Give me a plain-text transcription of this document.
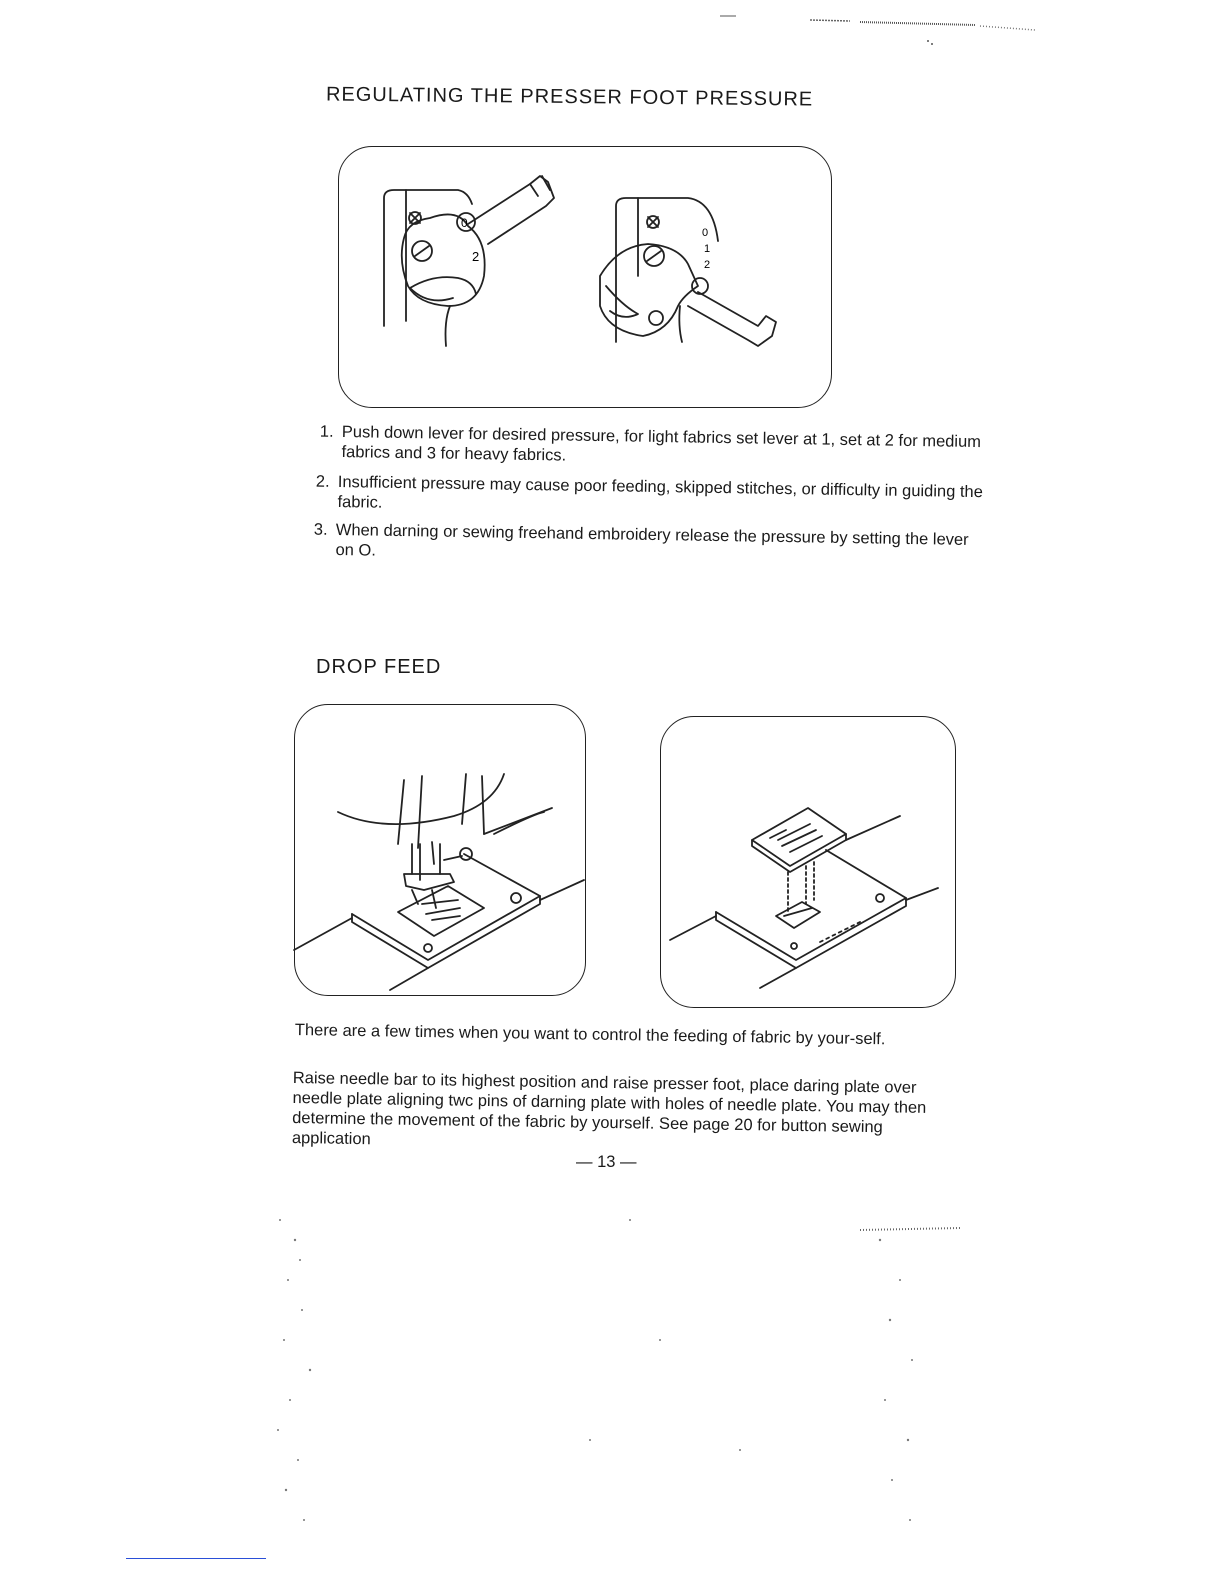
REGULATING THE PRESSER FOOT PRESSURE
0
2
0
1
2
1. Push down lever for desired pressure, for light fabrics set lever at 1, set at 2 for medium fabrics and 3 for heavy fabrics.
2. Insufficient pressure may cause poor feeding, skipped stitches, or difficulty in guiding the fabric.
3. When darning or sewing freehand embroidery release the pressure by setting the lever on O.
DROP FEED
There are a few times when you want to control the feeding of fabric by your-self.
Raise needle bar to its highest position and raise presser foot, place daring plate over needle plate aligning twc pins of darning plate with holes of needle plate. You may then determine the movement of the fabric by yourself. See page 20 for button sewing application
— 13 —
